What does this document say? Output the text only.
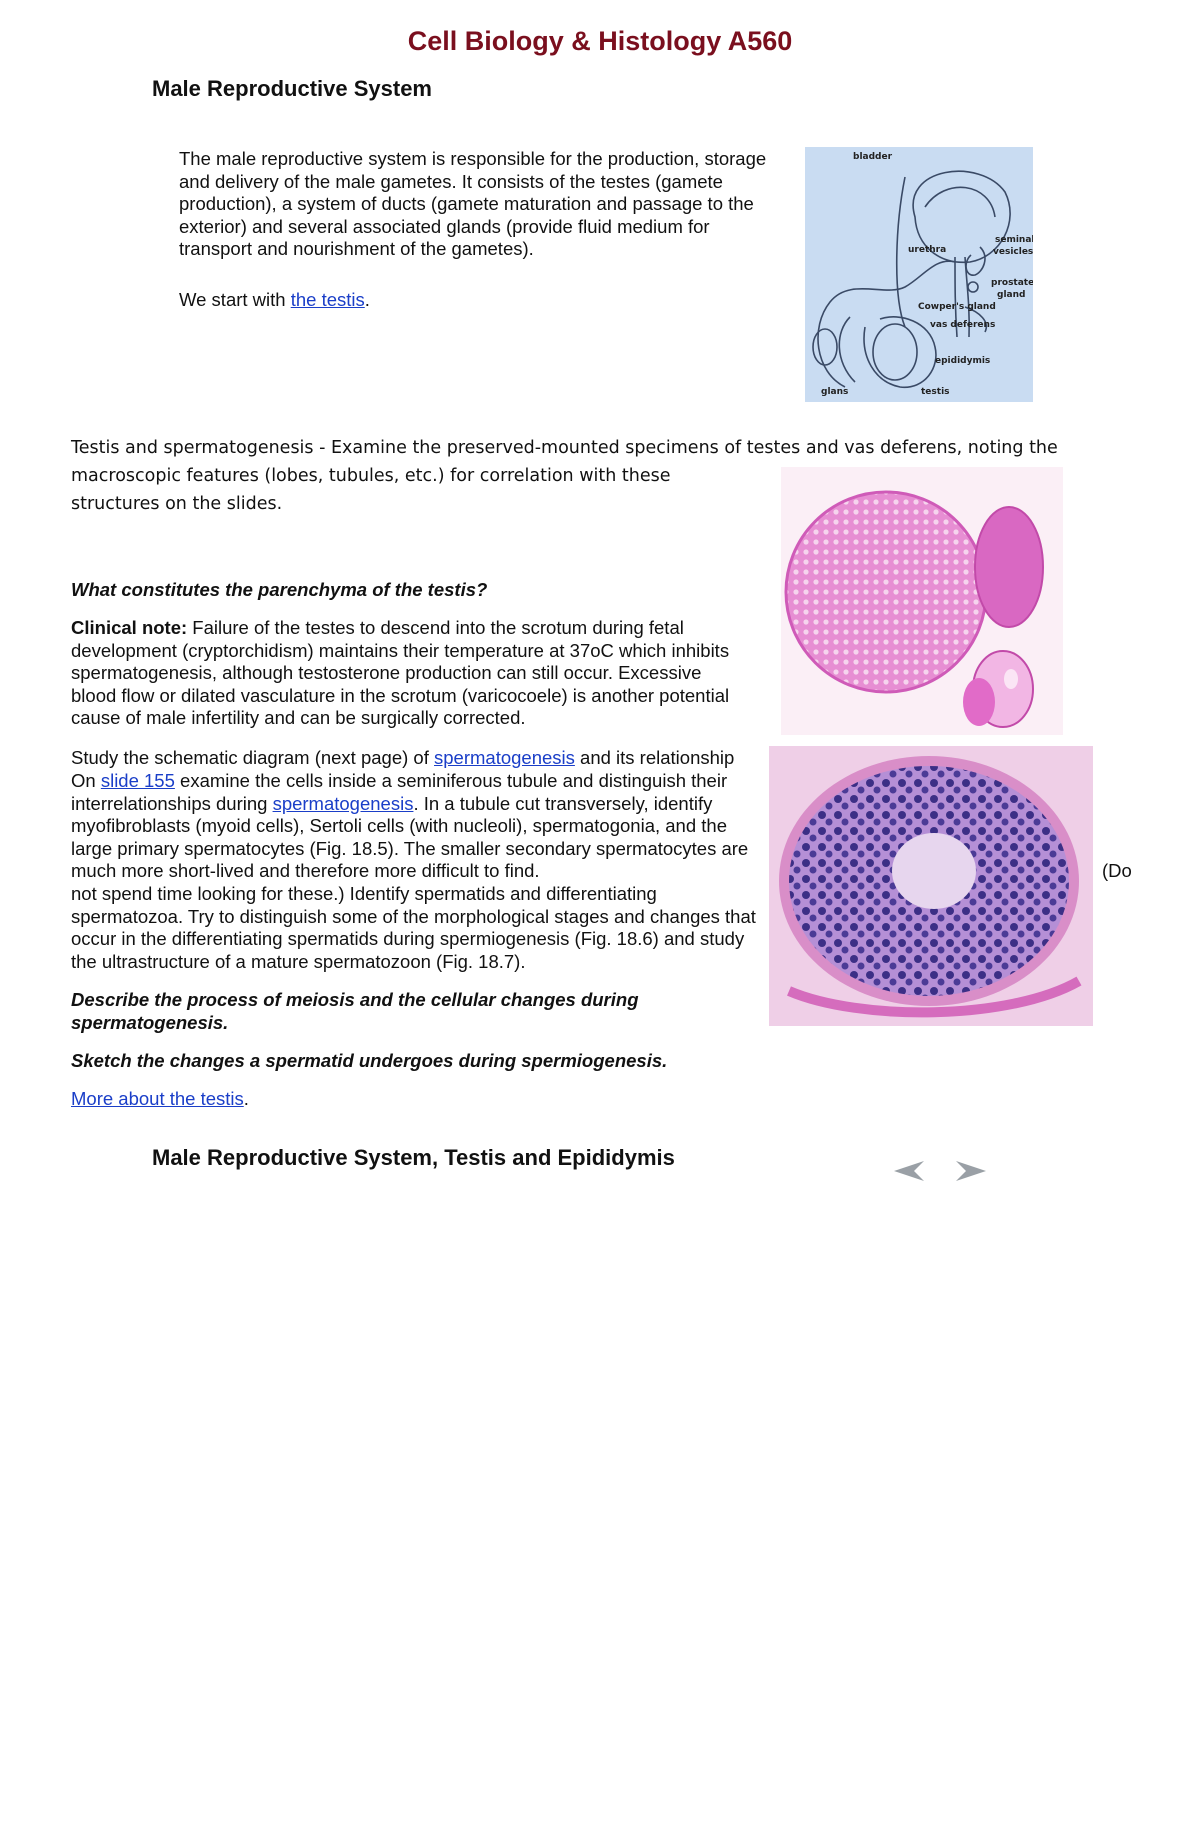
Cell Biology & Histology A560
Male Reproductive System
The male reproductive system is responsible for the production, storage and delivery of the male gametes. It consists of the testes (gamete production), a system of ducts (gamete maturation and passage to the exterior) and several associated glands (provide fluid medium for transport and nourishment of the gametes).
We start with the testis.
bladder
urethra
seminal
vesicles
prostate
gland
Cowper's gland
vas deferens
epididymis
glans	testis
Testis and spermatogenesis - Examine the preserved-mounted specimens of testes and vas deferens, noting the
macroscopic features (lobes, tubules, etc.) for correlation with these
structures on the slides.
What constitutes the parenchyma of the testis?
Clinical note: Failure of the testes to descend into the scrotum during fetal development (cryptorchidism) maintains their temperature at 37oC which inhibits spermatogenesis, although testosterone production can still occur. Excessive blood flow or dilated vasculature in the scrotum (varicocoele) is another potential cause of male infertility and can be surgically corrected.
Study the schematic diagram (next page) of spermatogenesis and its relationship
On slide 155 examine the cells inside a seminiferous tubule and distinguish their interrelationships during spermatogenesis. In a tubule cut transversely, identify myofibroblasts (myoid cells), Sertoli cells (with nucleoli), spermatogonia, and the large primary spermatocytes (Fig. 18.5). The smaller secondary spermatocytes are much more short-lived and therefore more difficult to find.	(Do
not spend time looking for these.) Identify spermatids and differentiating spermatozoa. Try to distinguish some of the morphological stages and changes that occur in the differentiating spermatids during spermiogenesis (Fig. 18.6) and study the ultrastructure of a mature spermatozoon (Fig. 18.7).
Describe the process of meiosis and the cellular changes during spermatogenesis.
Sketch the changes a spermatid undergoes during spermiogenesis.
More about the testis.
Male Reproductive System, Testis and Epididymis
